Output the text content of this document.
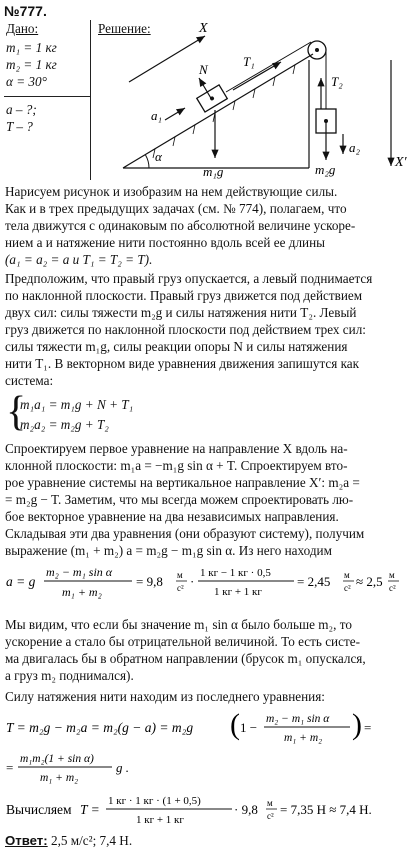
№777.
Дано:
m₁ = 1 кг
m₂ = 1 кг
α = 30°
a – ?;
T – ?
Решение:
α
X
N
T₁
a₁
m₁g
T₂
a₂
m₂g	X′
Нарисуем рисунок и изобразим на нем действующие силы.
Как и в трех предыдущих задачах (см. № 774), полагаем, что
тела движутся с одинаковым по абсолютной величине ускоре-
нием a и натяжение нити постоянно вдоль всей ее длины
(a₁ = a₂ = a и T₁ = T₂ = T).
Предположим, что правый груз опускается, а левый поднимается
по наклонной плоскости. Правый груз движется под действием
двух сил: силы тяжести m₂g и силы натяжения нити T₂. Левый
груз движется по наклонной плоскости под действием трех сил:
силы тяжести m₁g, силы реакции опоры N и силы натяжения
нити T₁. В векторном виде уравнения движения запишутся как
система:
{
m₁a₁ = m₁g + N + T₁
m₂a₂ = m₂g + T₂
Спроектируем первое уравнение на направление X вдоль на-
клонной плоскости: m₁a = −m₁g sin α + T. Спроектируем вто-
рое уравнение системы на вертикальное направление X′: m₂a =
= m₂g − T. Заметим, что мы всегда можем спроектировать лю-
бое векторное уравнение на два независимых направления.
Складывая эти два уравнения (они образуют систему), получим
выражение (m₁ + m₂) a = m₂g − m₁g sin α. Из него находим
a = g
m₂ − m₁ sin α
m₁ + m₂
= 9,8 м
с² ·
1 кг − 1 кг · 0,5
1 кг + 1 кг
= 2,45 м
с² ≈ 2,5 м
с²
Мы видим, что если бы значение m₁ sin α было больше m₂, то
ускорение a стало бы отрицательной величиной. То есть систе-
ма двигалась бы в обратном направлении (брусок m₁ опускался,
а груз m₂ поднимался).
Силу натяжения нити находим из последнего уравнения:
T = m₂g − m₂a = m₂(g − a) = m₂g ( 1 −
m₂ − m₁ sin α
m₁ + m₂ ) =
=
m₁m₂(1 + sin α)
m₁ + m₂
g .
Вычисляем T =
1 кг · 1 кг · (1 + 0,5)
1 кг + 1 кг
· 9,8 м
с² = 7,35 Н ≈ 7,4 Н.
Ответ: 2,5 м/с²; 7,4 Н.
